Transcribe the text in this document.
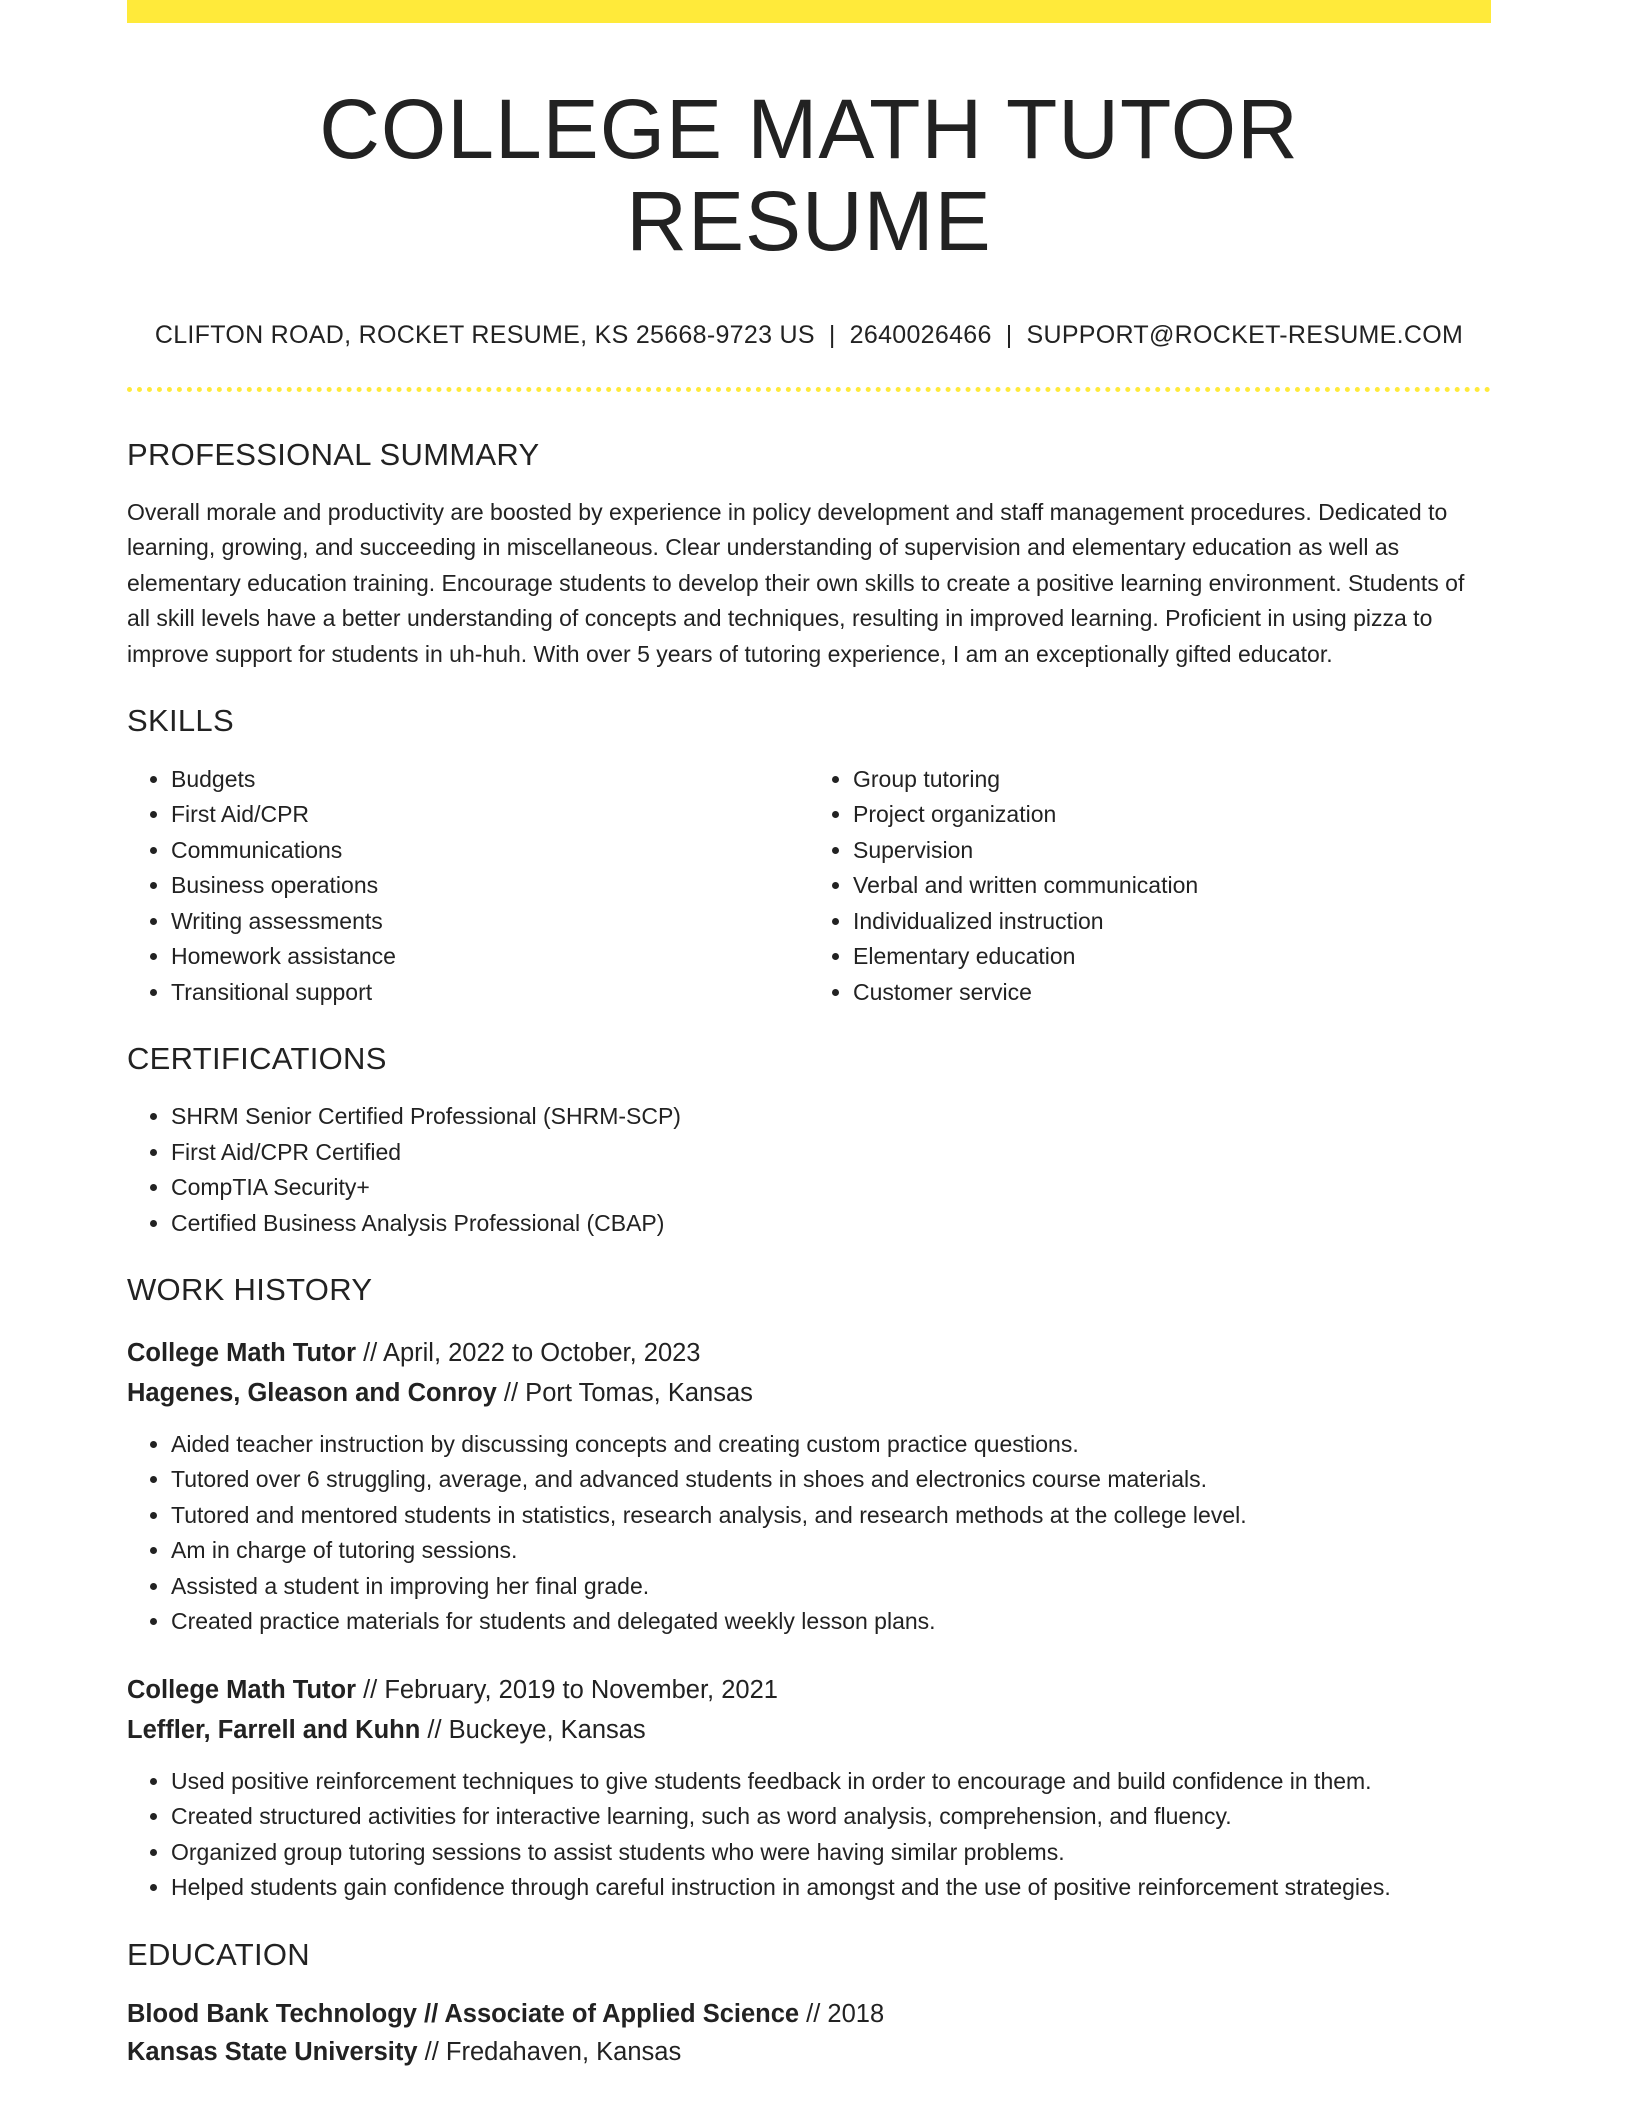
COLLEGE MATH TUTOR RESUME
CLIFTON ROAD, ROCKET RESUME, KS 25668-9723 US | 2640026466 | SUPPORT@ROCKET-RESUME.COM
PROFESSIONAL SUMMARY

Overall morale and productivity are boosted by experience in policy development and staff management procedures. Dedicated to learning, growing, and succeeding in miscellaneous. Clear understanding of supervision and elementary education as well as elementary education training. Encourage students to develop their own skills to create a positive learning environment. Students of all skill levels have a better understanding of concepts and techniques, resulting in improved learning. Proficient in using pizza to improve support for students in uh-huh. With over 5 years of tutoring experience, I am an exceptionally gifted educator.

SKILLS
• Budgets
• First Aid/CPR
• Communications
• Business operations
• Writing assessments
• Homework assistance
• Transitional support
• Group tutoring
• Project organization
• Supervision
• Verbal and written communication
• Individualized instruction
• Elementary education
• Customer service
CERTIFICATIONS
• SHRM Senior Certified Professional (SHRM-SCP)
• First Aid/CPR Certified
• CompTIA Security+
• Certified Business Analysis Professional (CBAP)
WORK HISTORY
College Math Tutor // April, 2022 to October, 2023
Hagenes, Gleason and Conroy // Port Tomas, Kansas
• Aided teacher instruction by discussing concepts and creating custom practice questions.
• Tutored over 6 struggling, average, and advanced students in shoes and electronics course materials.
• Tutored and mentored students in statistics, research analysis, and research methods at the college level.
• Am in charge of tutoring sessions.
• Assisted a student in improving her final grade.
• Created practice materials for students and delegated weekly lesson plans.
College Math Tutor // February, 2019 to November, 2021
Leffler, Farrell and Kuhn // Buckeye, Kansas
• Used positive reinforcement techniques to give students feedback in order to encourage and build confidence in them.
• Created structured activities for interactive learning, such as word analysis, comprehension, and fluency.
• Organized group tutoring sessions to assist students who were having similar problems.
• Helped students gain confidence through careful instruction in amongst and the use of positive reinforcement strategies.
EDUCATION
Blood Bank Technology // Associate of Applied Science // 2018
Kansas State University // Fredahaven, Kansas
